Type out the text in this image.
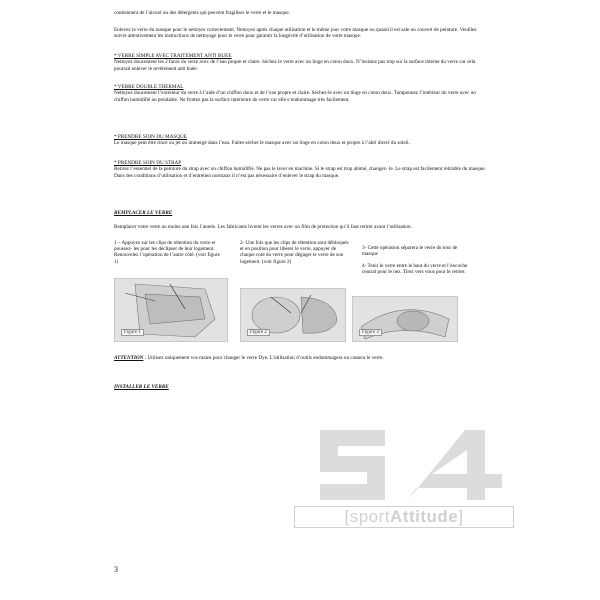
contiennent de l’alcool ou des détergents qui peuvent fragiliser le verre et le masque.
Enlevez le verre du masque pour le nettoyer correctement. Nettoyez après chaque utilisation et le même jour votre masque ou quand il est sale ou couvert de peinture. Veuillez suivre attentivement les instructions de nettoyage pour le verre pour garantir la longévité d’utilisation de votre masque.

* VERRE SIMPLE AVEC TRAITEMENT ANTI BUEE

Nettoyez doucement les 2 faces du verre avec de l’eau propre et claire. Séchez le verre avec un linge en coton doux. N’insistez pas trop sur la surface interne du verre car cela pourrait enlever le revêtement anti buée.

* VERRE DOUBLE THERMAL

Nettoyez doucement l’extérieur du verre à l’aide d’un chiffon doux et de l’eau propre et claire. Séchez-le avec un linge en coton doux. Tamponnez l’intérieur du verre avec un chiffon humidifié au préalable. Ne frottez pas la surface intérieure du verre car elle s’endommage très facilement.

* PRENDRE SOIN DU MASQUE

Le masque peut être rincé ou jet ou immergé dans l’eau. Faites sécher le masque avec un linge en coton doux et propre à l’abri direct du soleil.

* PRENDRE SOIN DU STRAP

Retirez l’essentiel de la peinture du strap avec un chiffon humidifié. Ne pas le laver en machine. Si le strap est trop abimé, changez- le. Le strap est facilement retirable du masque. Dans des conditions d’utilisation et d’entretien normaux il n’est pas nécessaire d’enlever le strap du masque.

REMPLACER LE VERRE
Remplacer votre verre au moins une fois l’année. Les fabricants livrent les verres avec un film de protection qu’il faut retirer avant l’utilisation.
1 – Appuyez sur les clips de rétention du verre et poussez- les pour les déclipser de leur logement. Renouvelez l’opération de l’autre côté. (voir figure 1)
2- Une fois que les clips de rétention sont débloqués et en position pour libérer le verre, appuyer de chaque coté du verre pour dégager le verre de son logement. (voir figure 2)

3- Cette opération séparera le verre du tour de masque

4- Tenir le verre entre le haut du verre et l’encoche central pour le nez. Tirez vers vous pour le retirer.

Figure 1	Figure 2	Figure 3
ATTENTION : Utilisez uniquement vos mains pour changer le verre Dye. L’utilisation d’outils endommagera ou cassera le verre.
INSTALLER LE VERRE
[sportAttitude]
3
